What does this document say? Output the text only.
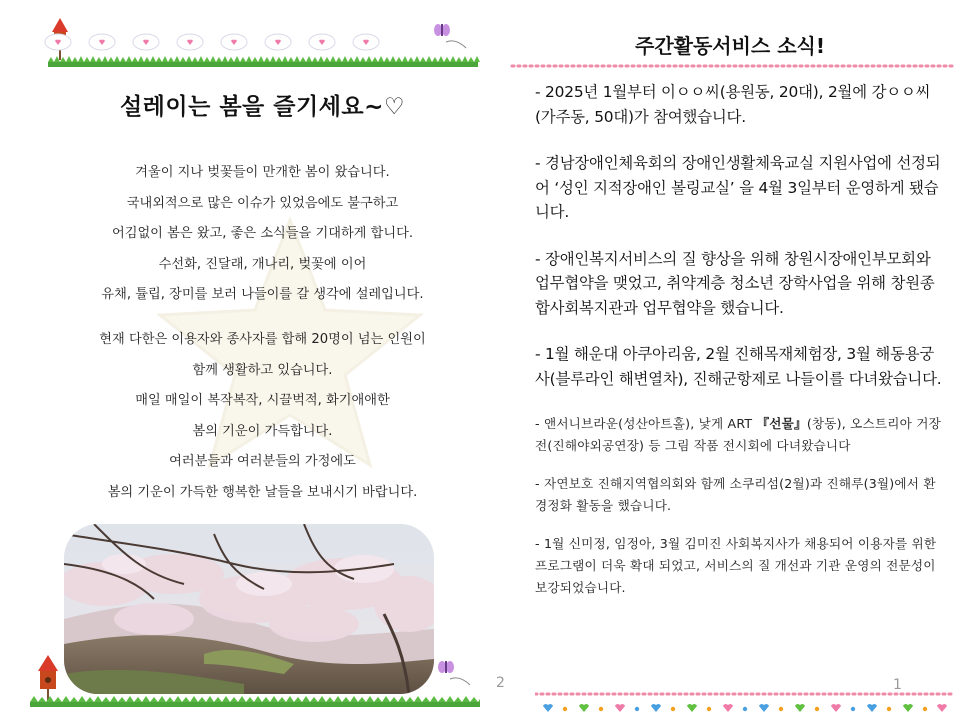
설레이는 봄을 즐기세요~♡
겨울이 지나 벚꽃들이 만개한 봄이 왔습니다.
국내외적으로 많은 이슈가 있었음에도 불구하고
어김없이 봄은 왔고, 좋은 소식들을 기대하게 합니다.
수선화, 진달래, 개나리, 벚꽃에 이어
유채, 튤립, 장미를 보러 나들이를 갈 생각에 설레입니다.
현재 다한은 이용자와 종사자를 합해 20명이 넘는 인원이
함께 생활하고 있습니다.
매일 매일이 복작복작, 시끌벅적, 화기애애한
봄의 기운이 가득합니다.
여러분들과 여러분들의 가정에도
봄의 기운이 가득한 행복한 날들을 보내시기 바랍니다.
2
주간활동서비스 소식!

- 2025년 1월부터 이ㅇㅇ씨(용원동, 20대), 2월에 강ㅇㅇ씨(가주동, 50대)가 참여했습니다.

- 경남장애인체육회의 장애인생활체육교실 지원사업에 선정되어 ‘성인 지적장애인 볼링교실’ 을 4월 3일부터 운영하게 됐습니다.

- 장애인복지서비스의 질 향상을 위해 창원시장애인부모회와 업무협약을 맺었고, 취약계층 청소년 장학사업을 위해 창원종합사회복지관과 업무협약을 했습니다.

- 1월 해운대 아쿠아리움, 2월 진해목재체험장, 3월 해동용궁사(블루라인 해변열차), 진해군항제로 나들이를 다녀왔습니다.

- 앤서니브라운(성산아트홀), 낯게 ART 『선물』(창동), 오스트리아 거장전(진해야외공연장) 등 그림 작품 전시회에 다녀왔습니다

- 자연보호 진해지역협의회와 함께 소쿠리섬(2월)과 진해루(3월)에서 환경정화 활동을 했습니다.

- 1월 신미정, 임정아, 3월 김미진 사회복지사가 채용되어 이용자를 위한 프로그램이 더욱 확대 되었고, 서비스의 질 개선과 기관 운영의 전문성이 보강되었습니다.

1
